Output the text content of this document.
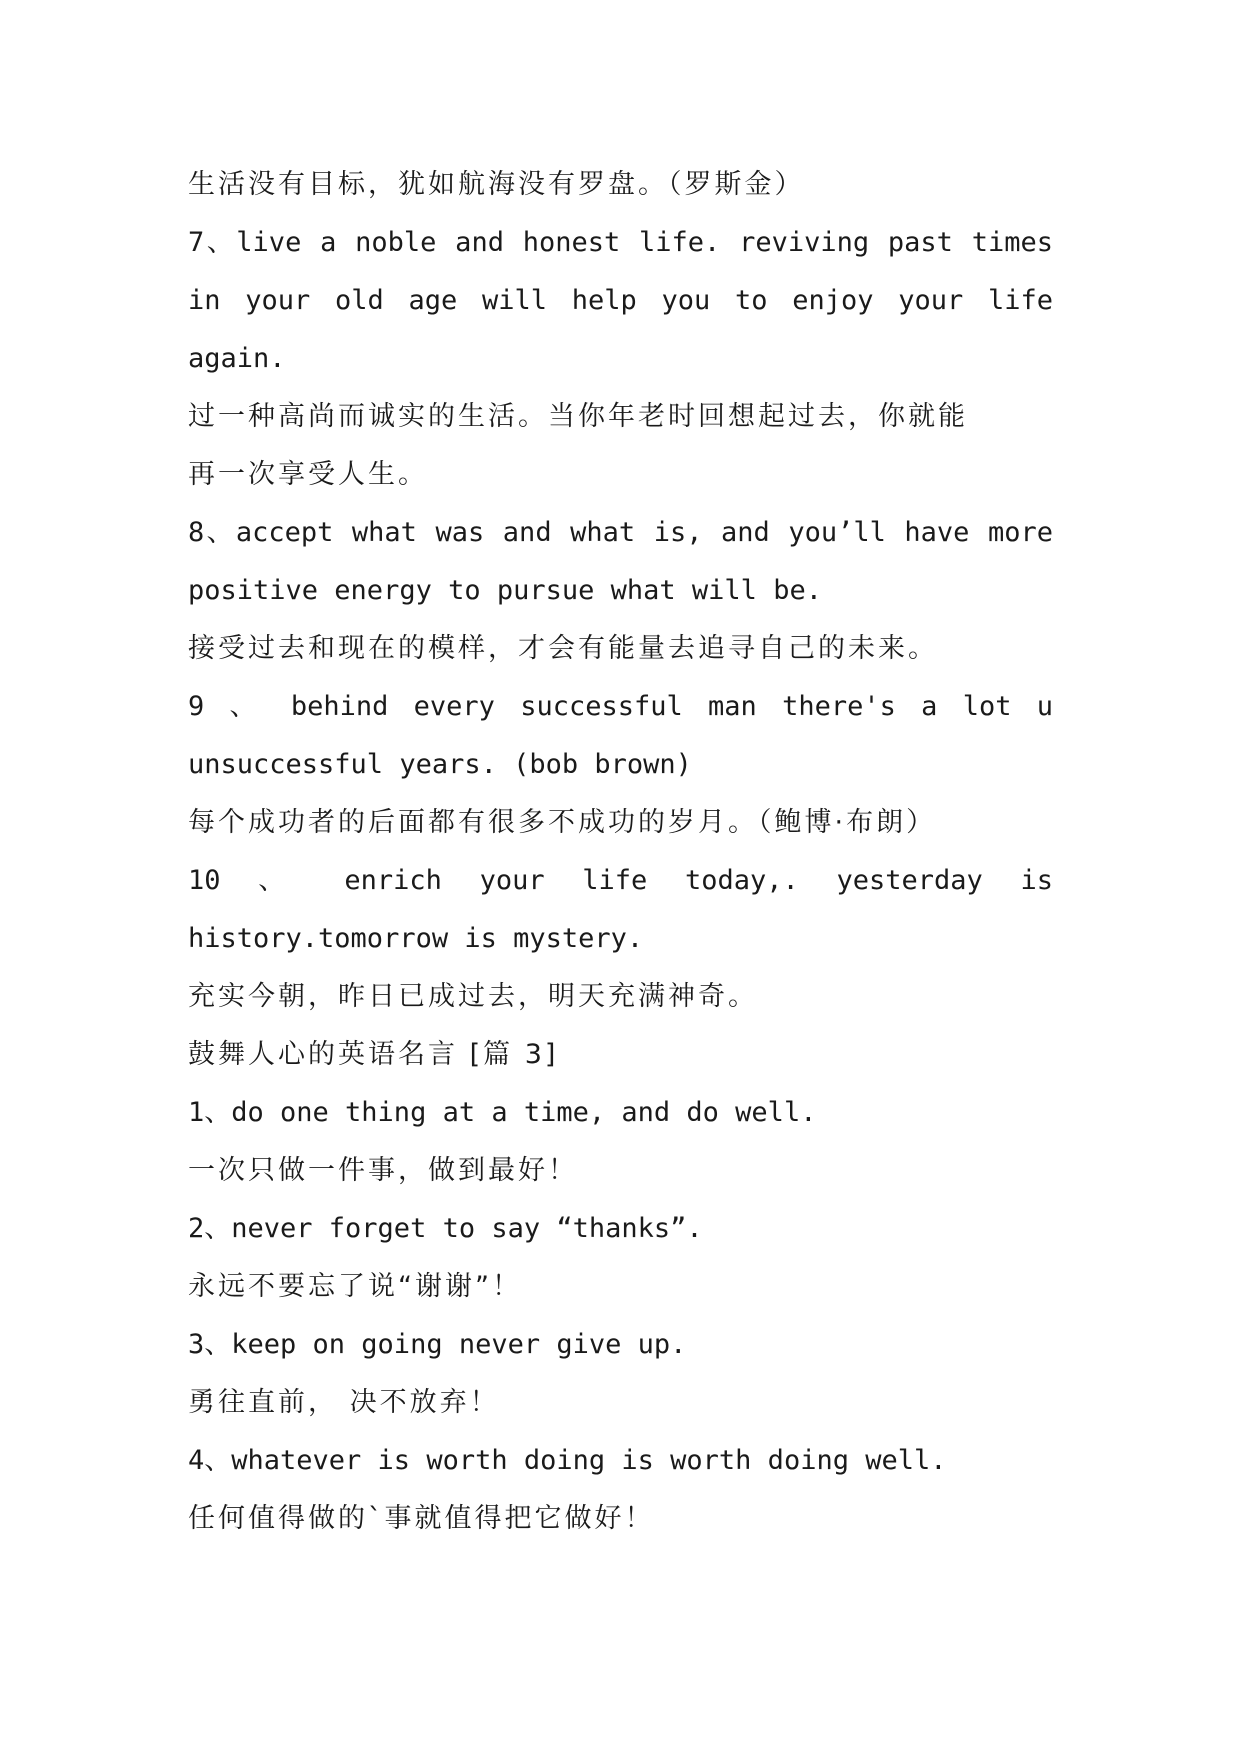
生活没有目标，犹如航海没有罗盘。（罗斯金）
7、live a noble and honest life. reviving past times
in your old age will help you to enjoy your life
again.
过一种高尚而诚实的生活。当你年老时回想起过去，你就能
再一次享受人生。
8、accept what was and what is, and you’ll have more
positive energy to pursue what will be.
接受过去和现在的模样，才会有能量去追寻自己的未来。
9 、 behind every successful man there's a lot u
unsuccessful years. (bob brown)
每个成功者的后面都有很多不成功的岁月。（鲍博·布朗）
10 、 enrich your life today,. yesterday is
history.tomorrow is mystery.
充实今朝，昨日已成过去，明天充满神奇。
鼓舞人心的英语名言 [篇 3]
1、do one thing at a time, and do well.
一次只做一件事，做到最好！
2、never forget to say “thanks”.
永远不要忘了说“谢谢”！
3、keep on going never give up.
勇往直前， 决不放弃！
4、whatever is worth doing is worth doing well.
任何值得做的`事就值得把它做好！
